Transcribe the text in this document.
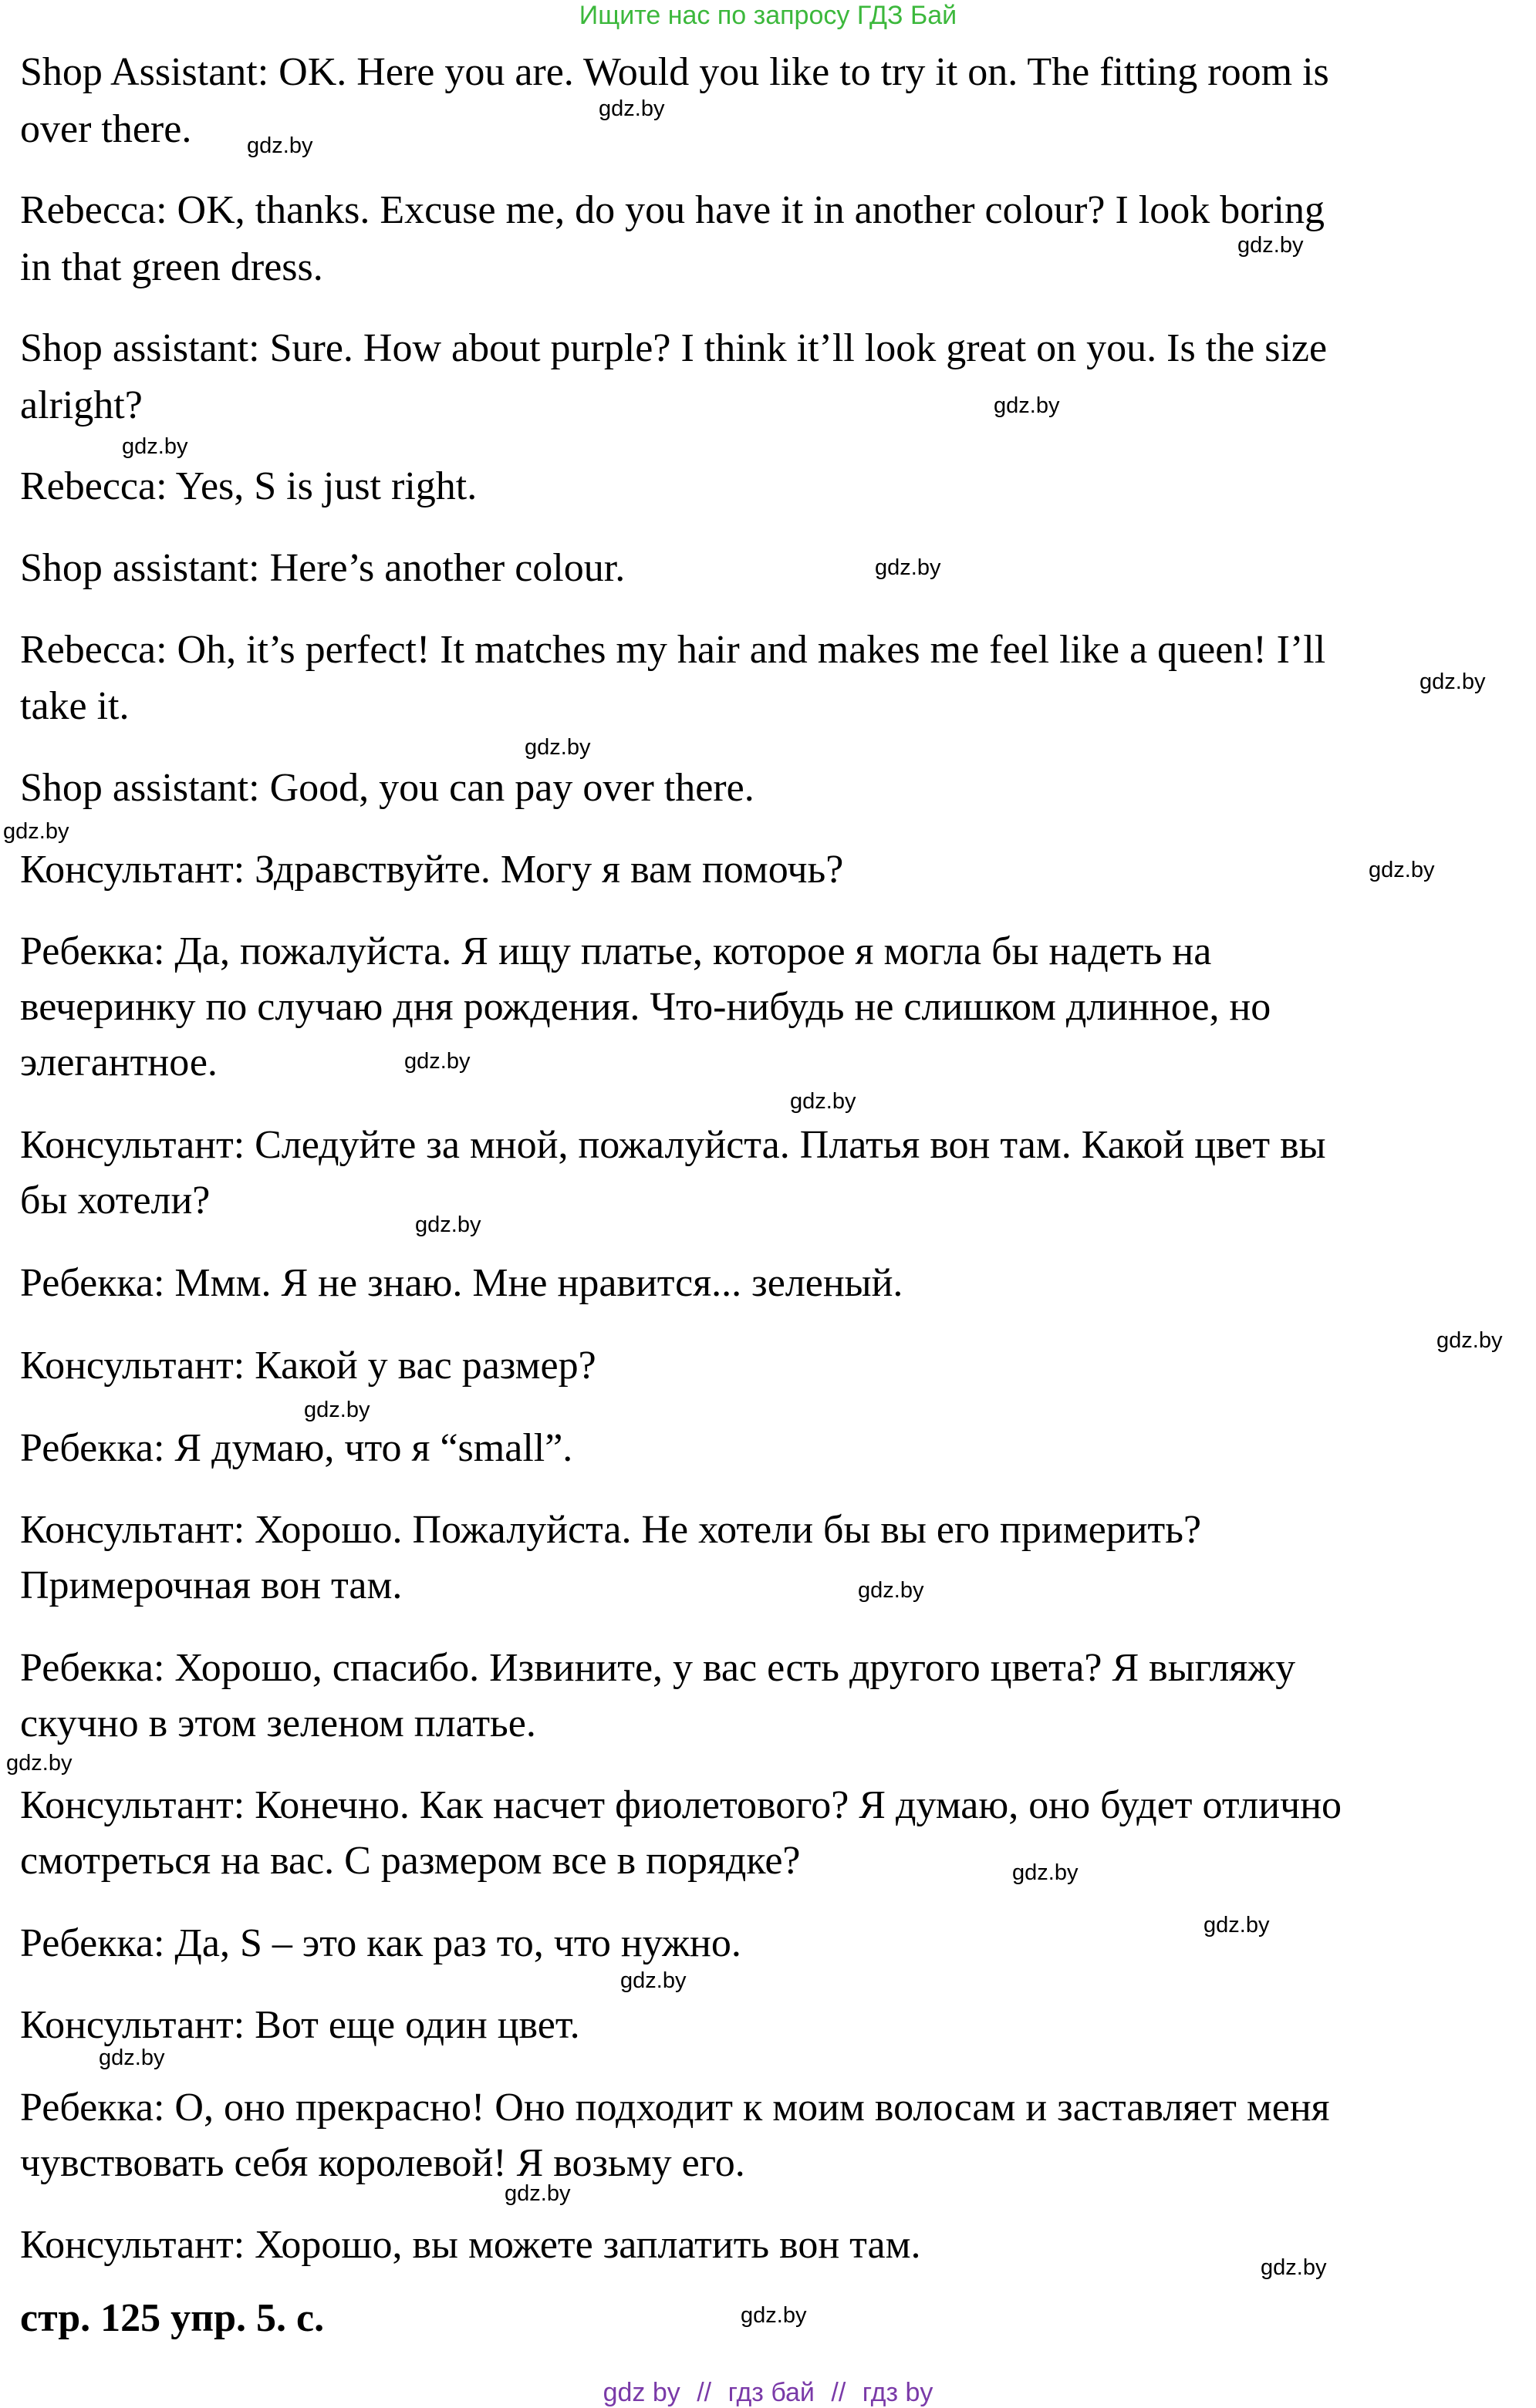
Ищите нас по запросу ГДЗ Бай
Shop Assistant: OK. Here you are. Would you like to try it on. The fitting room is
over there.
Rebecca: OK, thanks. Excuse me, do you have it in another colour? I look boring
in that green dress.
Shop assistant: Sure. How about purple? I think it’ll look great on you. Is the size
alright?
Rebecca: Yes, S is just right.
Shop assistant: Here’s another colour.
Rebecca: Oh, it’s perfect! It matches my hair and makes me feel like a queen! I’ll
take it.
Shop assistant: Good, you can pay over there.
Консультант: Здравствуйте. Могу я вам помочь?
Ребекка: Да, пожалуйста. Я ищу платье, которое я могла бы надеть на
вечеринку по случаю дня рождения. Что-нибудь не слишком длинное, но
элегантное.
Консультант: Следуйте за мной, пожалуйста. Платья вон там. Какой цвет вы
бы хотели?
Ребекка: Ммм. Я не знаю. Мне нравится... зеленый.
Консультант: Какой у вас размер?
Ребекка: Я думаю, что я “small”.
Консультант: Хорошо. Пожалуйста. Не хотели бы вы его примерить?
Примерочная вон там.
Ребекка: Хорошо, спасибо. Извините, у вас есть другого цвета? Я выгляжу
скучно в этом зеленом платье.
Консультант: Конечно. Как насчет фиолетового? Я думаю, оно будет отлично
смотреться на вас. С размером все в порядке?
Ребекка: Да, S – это как раз то, что нужно.
Консультант: Вот еще один цвет.
Ребекка: О, оно прекрасно! Оно подходит к моим волосам и заставляет меня
чувствовать себя королевой! Я возьму его.
Консультант: Хорошо, вы можете заплатить вон там.
стр. 125 упр. 5. с.
gdz.by
gdz.by
gdz.by
gdz.by
gdz.by
gdz.by
gdz.by
gdz.by
gdz.by
gdz.by
gdz.by
gdz.by
gdz.by
gdz.by
gdz.by
gdz.by
gdz.by
gdz.by
gdz.by
gdz.by
gdz.by
gdz.by
gdz.by
gdz.by
gdz by // гдз бай // гдз by
